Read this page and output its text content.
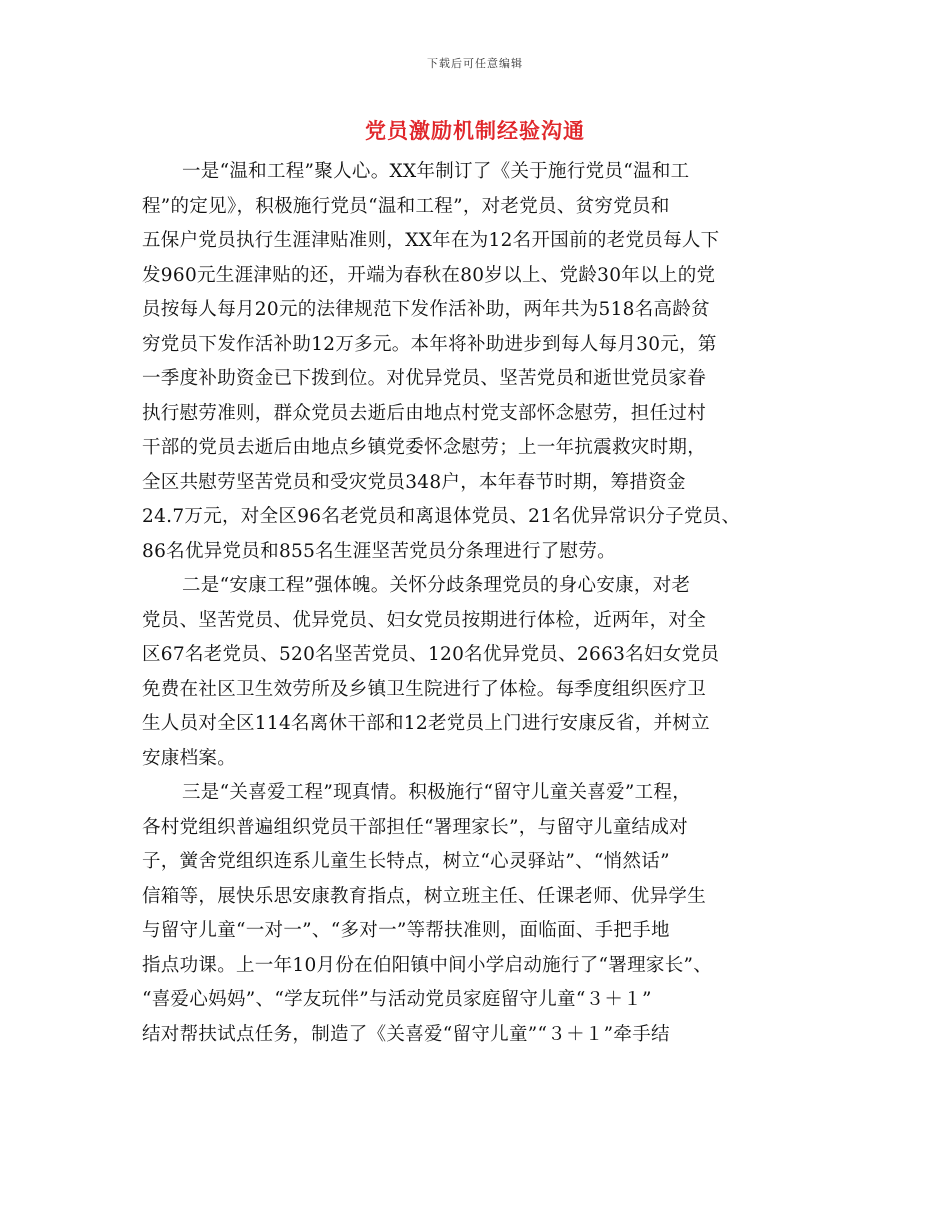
下载后可任意编辑
党员激励机制经验沟通
一是“温和工程”聚人心。XX年制订了《关于施行党员“温和工
程”的定见》，积极施行党员“温和工程”，对老党员、贫穷党员和
五保户党员执行生涯津贴准则，XX年在为12名开国前的老党员每人下
发960元生涯津贴的还，开端为春秋在80岁以上、党龄30年以上的党
员按每人每月20元的法律规范下发作活补助，两年共为518名高龄贫
穷党员下发作活补助12万多元。本年将补助进步到每人每月30元，第
一季度补助资金已下拨到位。对优异党员、坚苦党员和逝世党员家眷
执行慰劳准则，群众党员去逝后由地点村党支部怀念慰劳，担任过村
干部的党员去逝后由地点乡镇党委怀念慰劳；上一年抗震救灾时期，
全区共慰劳坚苦党员和受灾党员348户，本年春节时期，筹措资金
24.7万元，对全区96名老党员和离退体党员、21名优异常识分子党员、
86名优异党员和855名生涯坚苦党员分条理进行了慰劳。
二是“安康工程”强体魄。关怀分歧条理党员的身心安康，对老
党员、坚苦党员、优异党员、妇女党员按期进行体检，近两年，对全
区67名老党员、520名坚苦党员、120名优异党员、2663名妇女党员
免费在社区卫生效劳所及乡镇卫生院进行了体检。每季度组织医疗卫
生人员对全区114名离休干部和12老党员上门进行安康反省，并树立
安康档案。
三是“关喜爱工程”现真情。积极施行“留守儿童关喜爱”工程，
各村党组织普遍组织党员干部担任“署理家长”，与留守儿童结成对
子，黉舍党组织连系儿童生长特点，树立“心灵驿站”、“悄然话”
信箱等，展快乐思安康教育指点，树立班主任、任课老师、优异学生
与留守儿童“一对一”、“多对一”等帮扶准则，面临面、手把手地
指点功课。上一年10月份在伯阳镇中间小学启动施行了“署理家长”、
“喜爱心妈妈”、“学友玩伴”与活动党员家庭留守儿童“３＋１”
结对帮扶试点任务，制造了《关喜爱“留守儿童”“３＋１”牵手结
